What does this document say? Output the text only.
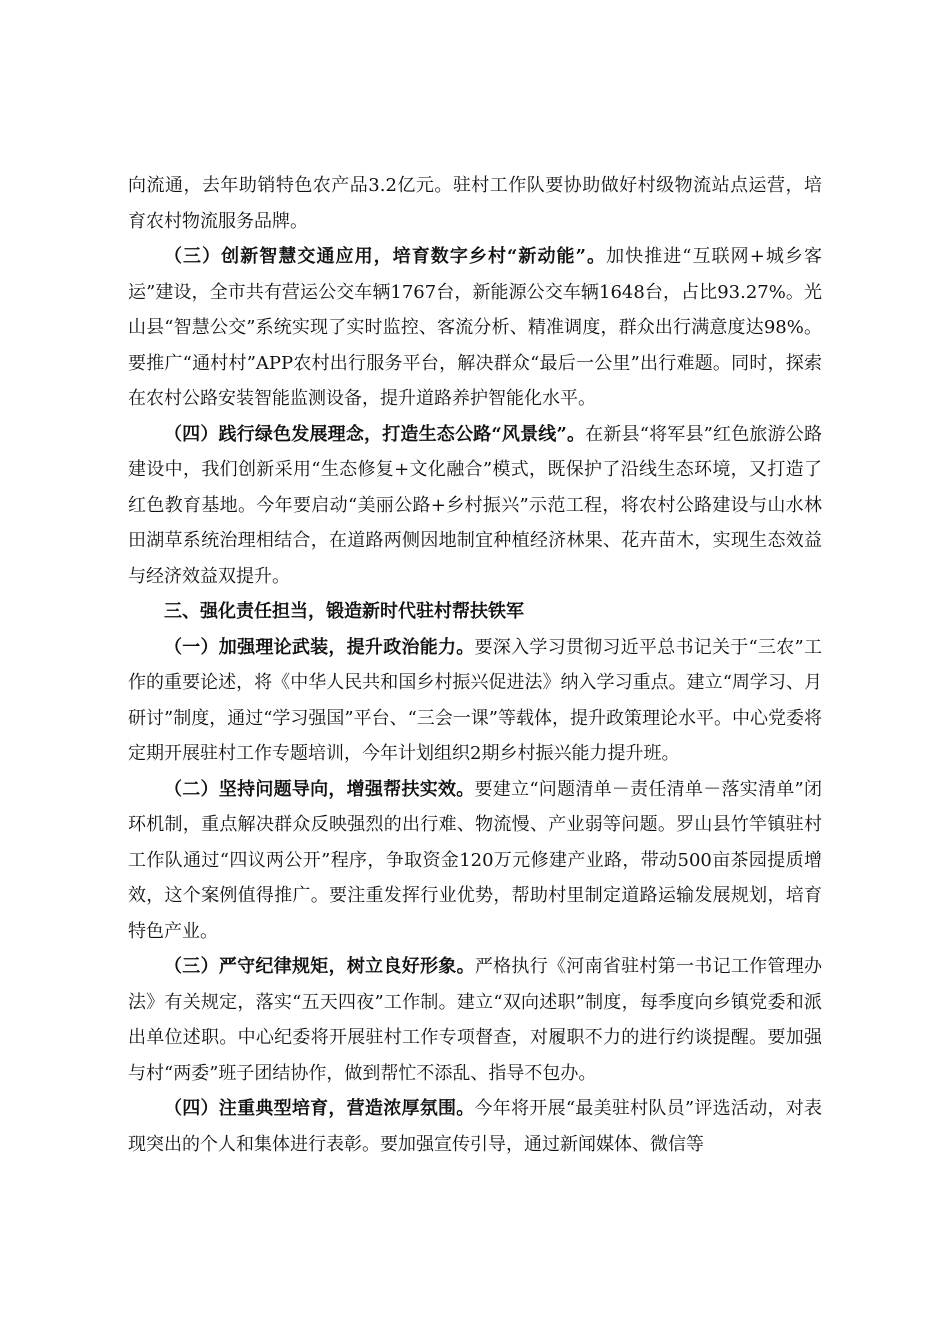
向流通，去年助销特色农产品3.2亿元。驻村工作队要协助做好村级物流站点运营，培育农村物流服务品牌。

（三）创新智慧交通应用，培育数字乡村“新动能”。加快推进“互联网+城乡客运”建设，全市共有营运公交车辆1767台，新能源公交车辆1648台，占比93.27%。光山县“智慧公交”系统实现了实时监控、客流分析、精准调度，群众出行满意度达98%。要推广“通村村”APP农村出行服务平台，解决群众“最后一公里”出行难题。同时，探索在农村公路安装智能监测设备，提升道路养护智能化水平。

（四）践行绿色发展理念，打造生态公路“风景线”。在新县“将军县”红色旅游公路建设中，我们创新采用“生态修复+文化融合”模式，既保护了沿线生态环境，又打造了红色教育基地。今年要启动“美丽公路+乡村振兴”示范工程，将农村公路建设与山水林田湖草系统治理相结合，在道路两侧因地制宜种植经济林果、花卉苗木，实现生态效益与经济效益双提升。

三、强化责任担当，锻造新时代驻村帮扶铁军

（一）加强理论武装，提升政治能力。要深入学习贯彻习近平总书记关于“三农”工作的重要论述，将《中华人民共和国乡村振兴促进法》纳入学习重点。建立“周学习、月研讨”制度，通过“学习强国”平台、“三会一课”等载体，提升政策理论水平。中心党委将定期开展驻村工作专题培训，今年计划组织2期乡村振兴能力提升班。

（二）坚持问题导向，增强帮扶实效。要建立“问题清单－责任清单－落实清单”闭环机制，重点解决群众反映强烈的出行难、物流慢、产业弱等问题。罗山县竹竿镇驻村工作队通过“四议两公开”程序，争取资金120万元修建产业路，带动500亩茶园提质增效，这个案例值得推广。要注重发挥行业优势，帮助村里制定道路运输发展规划，培育特色产业。

（三）严守纪律规矩，树立良好形象。严格执行《河南省驻村第一书记工作管理办法》有关规定，落实“五天四夜”工作制。建立“双向述职”制度，每季度向乡镇党委和派出单位述职。中心纪委将开展驻村工作专项督查，对履职不力的进行约谈提醒。要加强与村“两委”班子团结协作，做到帮忙不添乱、指导不包办。

（四）注重典型培育，营造浓厚氛围。今年将开展“最美驻村队员”评选活动，对表现突出的个人和集体进行表彰。要加强宣传引导，通过新闻媒体、微信等
